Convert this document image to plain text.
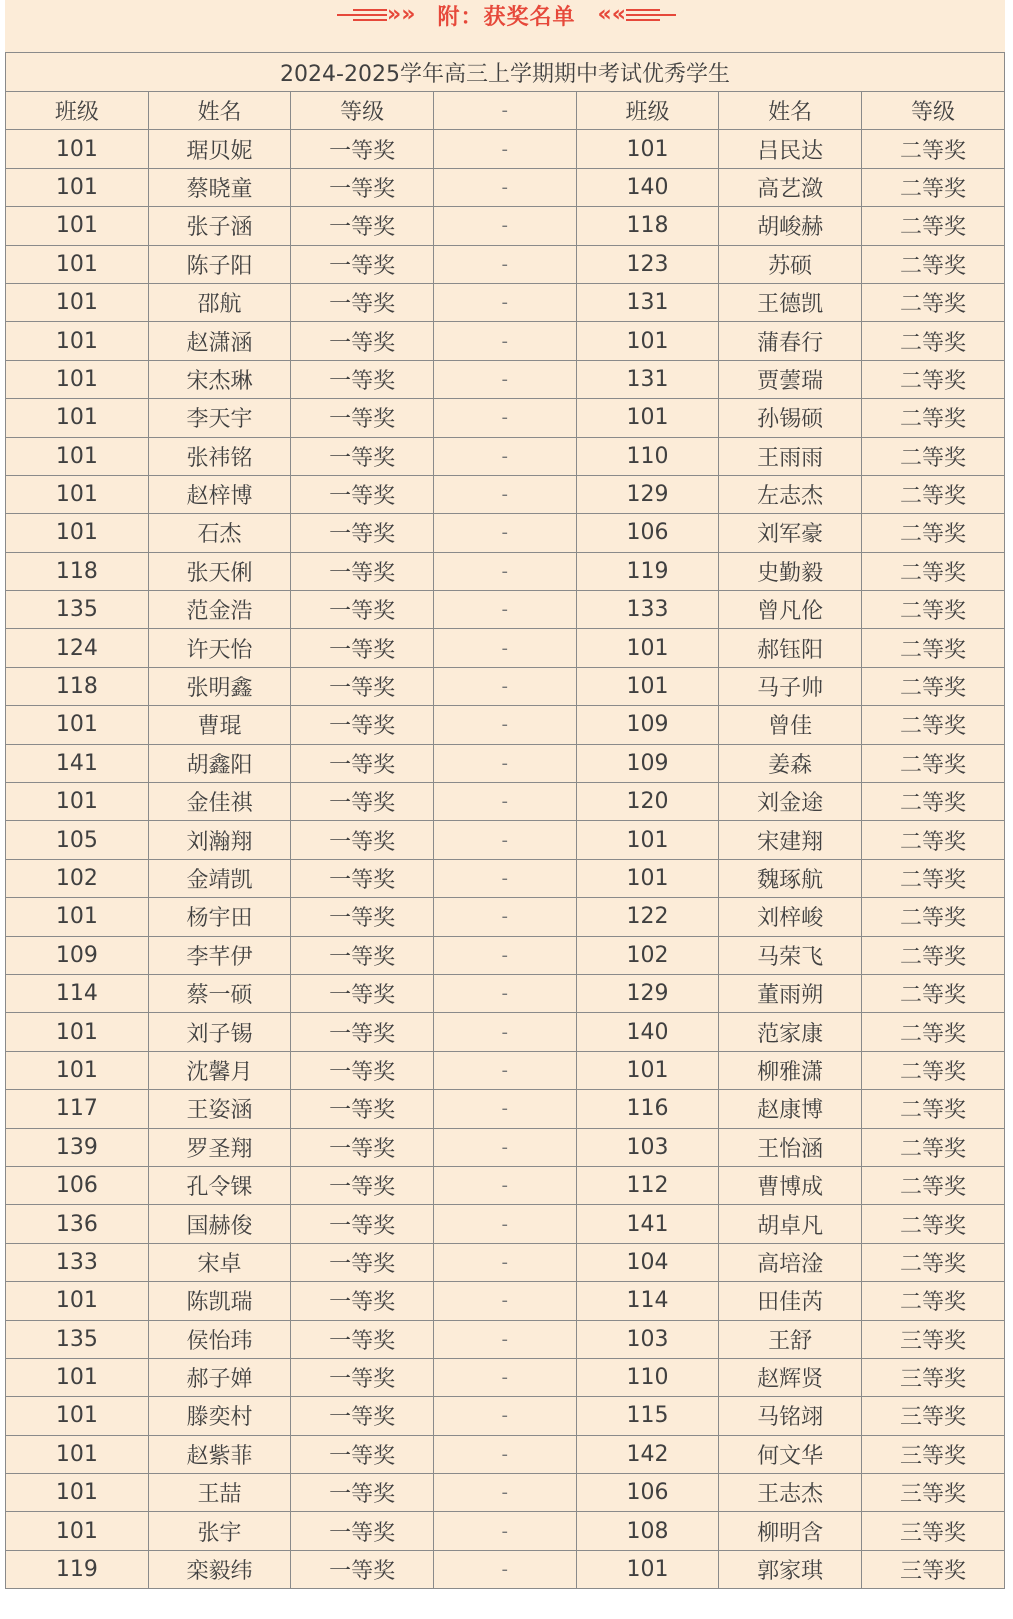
»» 附：获奖名单 ««
2024-2025学年高三上学期期中考试优秀学生						
班级	姓名	等级	-	班级	姓名	等级
101	琚贝妮	一等奖	-	101	吕民达	二等奖
101	蔡晓童	一等奖	-	140	高艺潋	二等奖
101	张子涵	一等奖	-	118	胡峻赫	二等奖
101	陈子阳	一等奖	-	123	苏硕	二等奖
101	邵航	一等奖	-	131	王德凯	二等奖
101	赵潇涵	一等奖	-	101	蒲春行	二等奖
101	宋杰琳	一等奖	-	131	贾蕓瑞	二等奖
101	李天宇	一等奖	-	101	孙锡硕	二等奖
101	张祎铭	一等奖	-	110	王雨雨	二等奖
101	赵梓博	一等奖	-	129	左志杰	二等奖
101	石杰	一等奖	-	106	刘军豪	二等奖
118	张天俐	一等奖	-	119	史勤毅	二等奖
135	范金浩	一等奖	-	133	曾凡伦	二等奖
124	许天怡	一等奖	-	101	郝钰阳	二等奖
118	张明鑫	一等奖	-	101	马子帅	二等奖
101	曹琨	一等奖	-	109	曾佳	二等奖
141	胡鑫阳	一等奖	-	109	姜森	二等奖
101	金佳祺	一等奖	-	120	刘金途	二等奖
105	刘瀚翔	一等奖	-	101	宋建翔	二等奖
102	金靖凯	一等奖	-	101	魏琢航	二等奖
101	杨宇田	一等奖	-	122	刘梓峻	二等奖
109	李芊伊	一等奖	-	102	马荣飞	二等奖
114	蔡一硕	一等奖	-	129	董雨朔	二等奖
101	刘子锡	一等奖	-	140	范家康	二等奖
101	沈馨月	一等奖	-	101	柳雅潇	二等奖
117	王姿涵	一等奖	-	116	赵康博	二等奖
139	罗圣翔	一等奖	-	103	王怡涵	二等奖
106	孔令锞	一等奖	-	112	曹博成	二等奖
136	国赫俊	一等奖	-	141	胡卓凡	二等奖
133	宋卓	一等奖	-	104	高培淦	二等奖
101	陈凯瑞	一等奖	-	114	田佳芮	二等奖
135	侯怡玮	一等奖	-	103	王舒	三等奖
101	郝子婵	一等奖	-	110	赵辉贤	三等奖
101	滕奕村	一等奖	-	115	马铭翊	三等奖
101	赵紫菲	一等奖	-	142	何文华	三等奖
101	王喆	一等奖	-	106	王志杰	三等奖
101	张宇	一等奖	-	108	柳明含	三等奖
119	栾毅纬	一等奖	-	101	郭家琪	三等奖
